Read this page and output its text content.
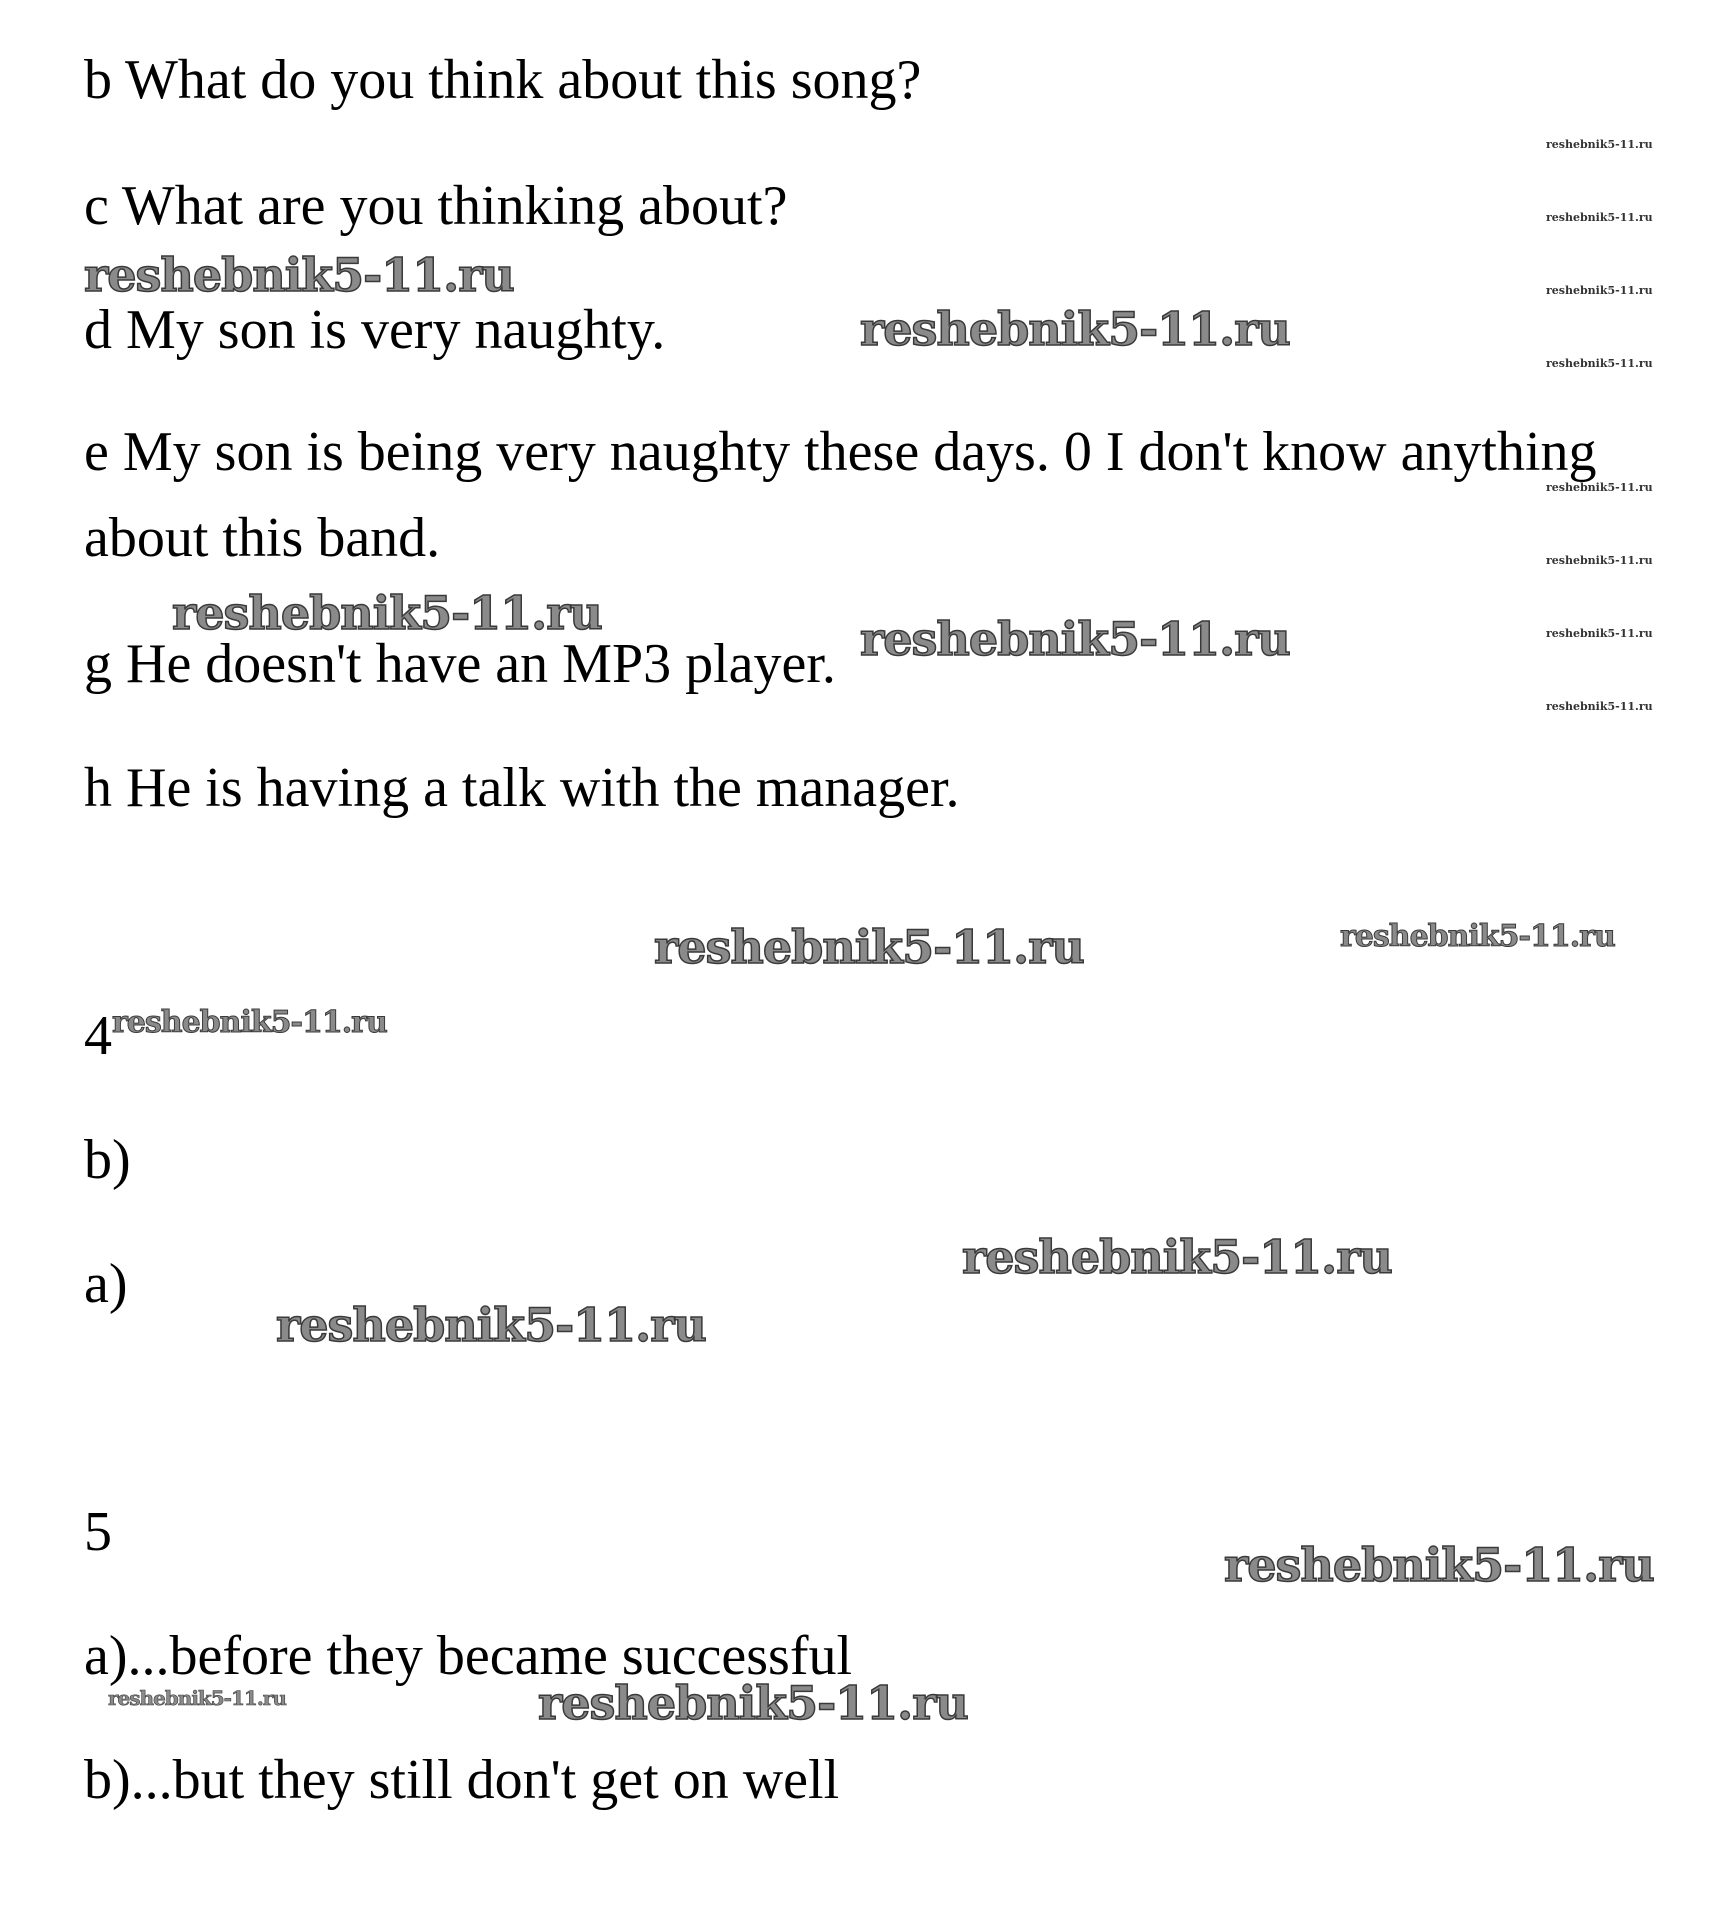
b What do you think about this song?
c What are you thinking about?
d My son is very naughty.
e My son is being very naughty these days. 0 I don't know anything
about this band.
g He doesn't have an MP3 player.
h He is having a talk with the manager.
4
b)
a)
5
a)...before they became successful
b)...but they still don't get on well
reshebnik5-11.ru
reshebnik5-11.ru
reshebnik5-11.ru	reshebnik5-11.ru
reshebnik5-11.ru
reshebnik5-11.ru
reshebnik5-11.ru
reshebnik5-11.ru
reshebnik5-11.ru
reshebnik5-11.ru
reshebnik5-11.ru
reshebnik5-11.ru
reshebnik5-11.ru
reshebnik5-11.ru
reshebnik5-11.ru
reshebnik5-11.ru
reshebnik5-11.ru
reshebnik5-11.ru
reshebnik5-11.ru
reshebnik5-11.ru
